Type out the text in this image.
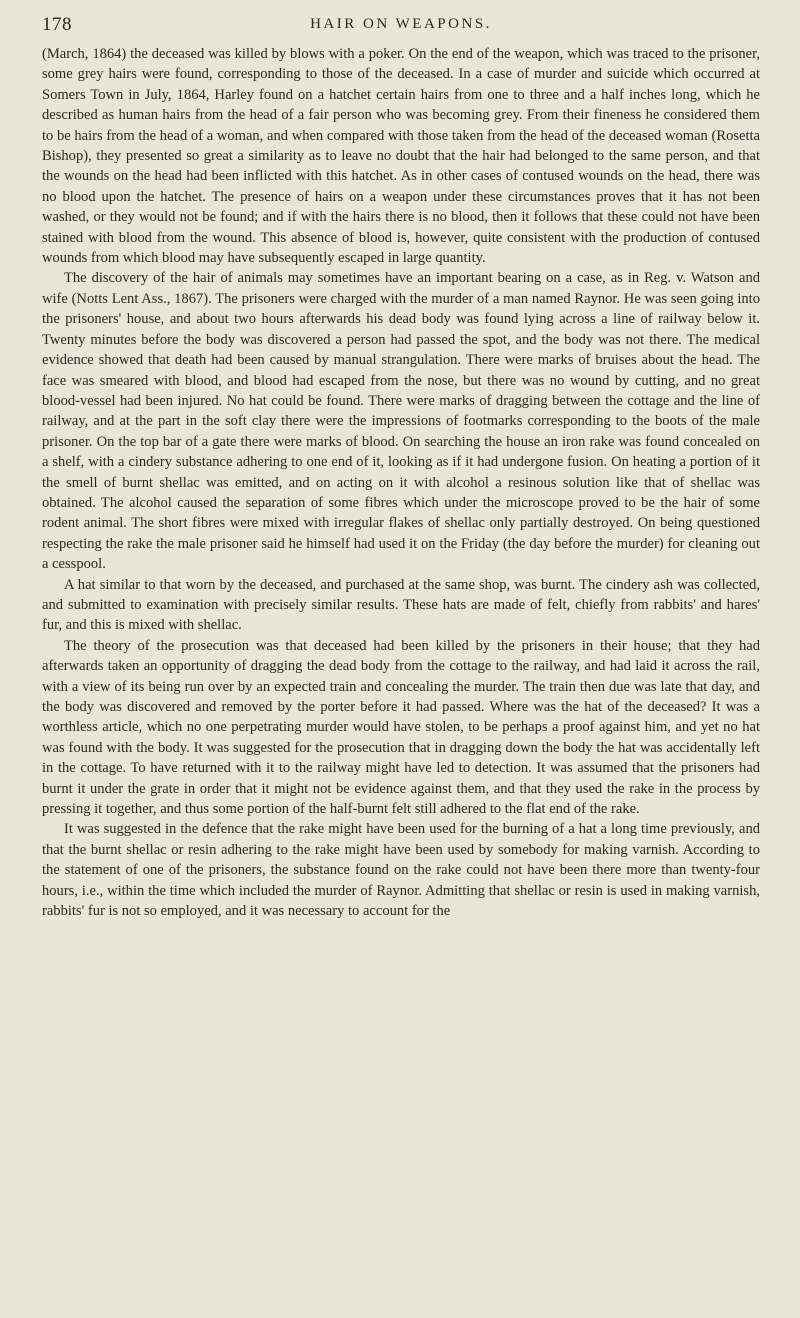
178	HAIR ON WEAPONS.

(March, 1864) the deceased was killed by blows with a poker. On the end of the weapon, which was traced to the prisoner, some grey hairs were found, corresponding to those of the deceased. In a case of murder and suicide which occurred at Somers Town in July, 1864, Harley found on a hatchet certain hairs from one to three and a half inches long, which he described as human hairs from the head of a fair person who was becoming grey. From their fineness he considered them to be hairs from the head of a woman, and when compared with those taken from the head of the deceased woman (Rosetta Bishop), they presented so great a similarity as to leave no doubt that the hair had belonged to the same person, and that the wounds on the head had been inflicted with this hatchet. As in other cases of contused wounds on the head, there was no blood upon the hatchet. The presence of hairs on a weapon under these circumstances proves that it has not been washed, or they would not be found; and if with the hairs there is no blood, then it follows that these could not have been stained with blood from the wound. This absence of blood is, however, quite consistent with the production of contused wounds from which blood may have subsequently escaped in large quantity.

The discovery of the hair of animals may sometimes have an important bearing on a case, as in Reg. v. Watson and wife (Notts Lent Ass., 1867). The prisoners were charged with the murder of a man named Raynor. He was seen going into the prisoners' house, and about two hours afterwards his dead body was found lying across a line of railway below it. Twenty minutes before the body was discovered a person had passed the spot, and the body was not there. The medical evidence showed that death had been caused by manual strangulation. There were marks of bruises about the head. The face was smeared with blood, and blood had escaped from the nose, but there was no wound by cutting, and no great blood-vessel had been injured. No hat could be found. There were marks of dragging between the cottage and the line of railway, and at the part in the soft clay there were the impressions of footmarks corresponding to the boots of the male prisoner. On the top bar of a gate there were marks of blood. On searching the house an iron rake was found concealed on a shelf, with a cindery substance adhering to one end of it, looking as if it had undergone fusion. On heating a portion of it the smell of burnt shellac was emitted, and on acting on it with alcohol a resinous solution like that of shellac was obtained. The alcohol caused the separation of some fibres which under the microscope proved to be the hair of some rodent animal. The short fibres were mixed with irregular flakes of shellac only partially destroyed. On being questioned respecting the rake the male prisoner said he himself had used it on the Friday (the day before the murder) for cleaning out a cesspool.

A hat similar to that worn by the deceased, and purchased at the same shop, was burnt. The cindery ash was collected, and submitted to examination with precisely similar results. These hats are made of felt, chiefly from rabbits' and hares' fur, and this is mixed with shellac.

The theory of the prosecution was that deceased had been killed by the prisoners in their house; that they had afterwards taken an opportunity of dragging the dead body from the cottage to the railway, and had laid it across the rail, with a view of its being run over by an expected train and concealing the murder. The train then due was late that day, and the body was discovered and removed by the porter before it had passed. Where was the hat of the deceased? It was a worthless article, which no one perpetrating murder would have stolen, to be perhaps a proof against him, and yet no hat was found with the body. It was suggested for the prosecution that in dragging down the body the hat was accidentally left in the cottage. To have returned with it to the railway might have led to detection. It was assumed that the prisoners had burnt it under the grate in order that it might not be evidence against them, and that they used the rake in the process by pressing it together, and thus some portion of the half-burnt felt still adhered to the flat end of the rake.

It was suggested in the defence that the rake might have been used for the burning of a hat a long time previously, and that the burnt shellac or resin adhering to the rake might have been used by somebody for making varnish. According to the statement of one of the prisoners, the substance found on the rake could not have been there more than twenty-four hours, i.e., within the time which included the murder of Raynor. Admitting that shellac or resin is used in making varnish, rabbits' fur is not so employed, and it was necessary to account for the
